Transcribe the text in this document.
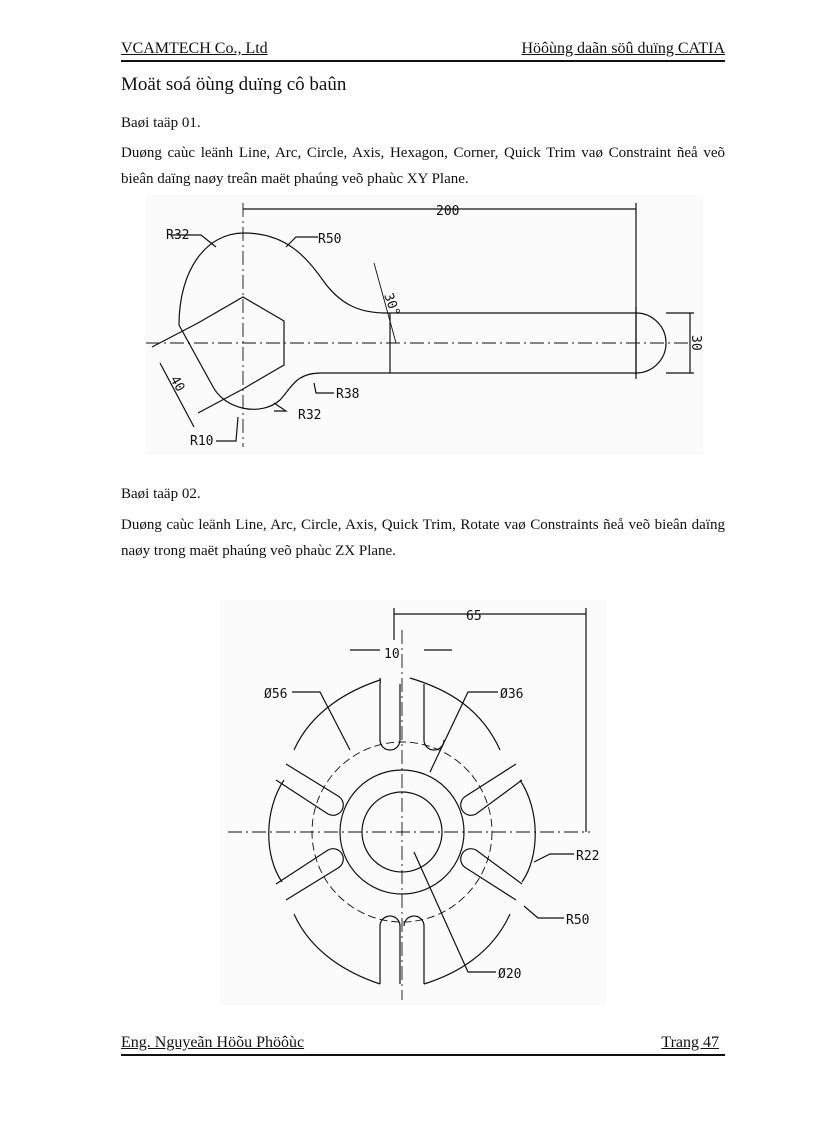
VCAMTECH Co., Ltd	Höôùng daãn söû duïng CATIA
Moät soá öùng duïng cô baûn
Baøi taäp 01.
Duøng caùc leänh Line, Arc, Circle, Axis, Hexagon, Corner, Quick Trim vaø Constraint ñeå veõ bieân daïng naøy treân maët phaúng veõ phaùc XY Plane.
200
R32	R50
30°
30
40	R38
R32
R10
Baøi taäp 02.
Duøng caùc leänh Line, Arc, Circle, Axis, Quick Trim, Rotate vaø Constraints ñeå veõ bieân daïng naøy trong maët phaúng veõ phaùc ZX Plane.
65
10
Ø56	Ø36
R22
R50
Ø20
Eng. Nguyeãn Höõu Phöôùc	Trang 47
